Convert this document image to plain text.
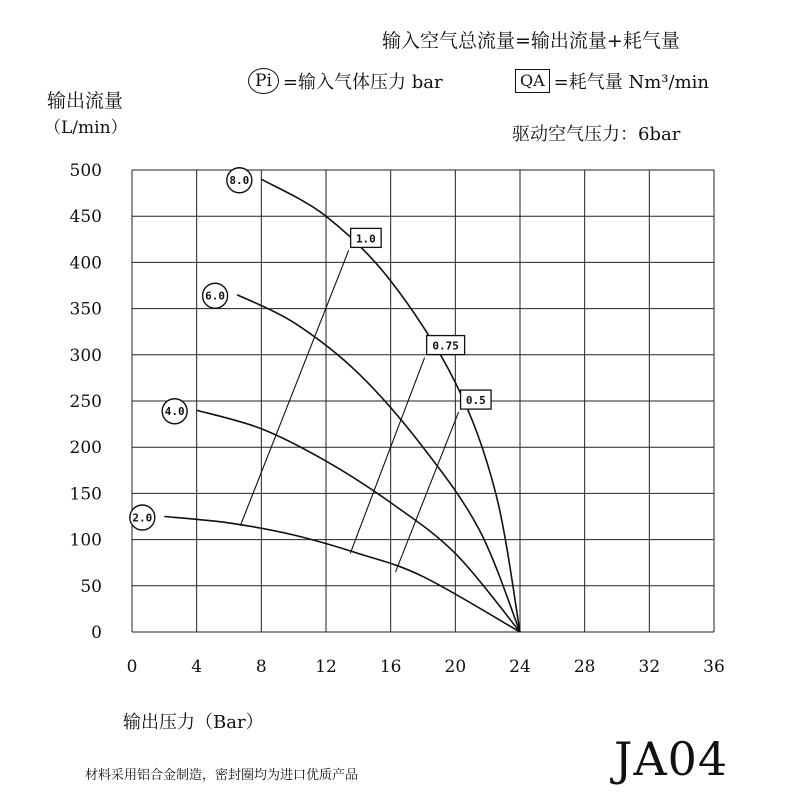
输入空气总流量=输出流量+耗气量
Pi =输入气体压力 bar	QA =耗气量 Nm³/min
驱动空气压力：6bar
输出流量
（L/min）
输出压力（Bar）
0	4	8	12	16	20	24	28	32	36
0
50
100
150
200
250
300
350
400
450
500	8.0
6.0
4.0
2.0
1.0
0.75
0.5
材料采用铝合金制造，密封圈均为进口优质产品	JA04
